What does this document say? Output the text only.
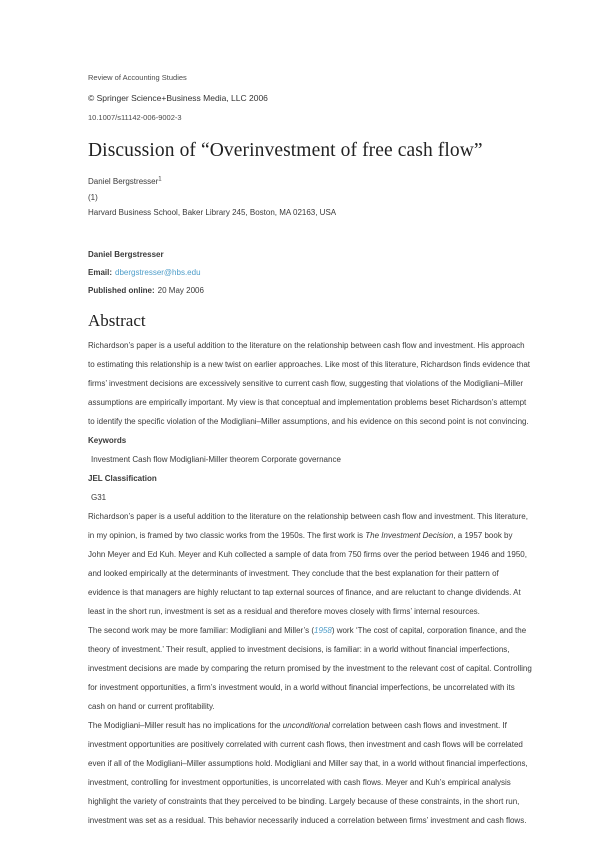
Review of Accounting Studies
© Springer Science+Business Media, LLC 2006
10.1007/s11142-006-9002-3
Discussion of “Overinvestment of free cash flow”
Daniel Bergstresser$^1$
(1)
Harvard Business School, Baker Library 245, Boston, MA 02163, USA
Daniel Bergstresser
Email: dbergstresser@hbs.edu
Published online: 20 May 2006
Abstract

Richardson’s paper is a useful addition to the literature on the relationship between cash flow and investment. His approach to estimating this relationship is a new twist on earlier approaches. Like most of this literature, Richardson finds evidence that firms’ investment decisions are excessively sensitive to current cash flow, suggesting that violations of the Modigliani–Miller assumptions are empirically important. My view is that conceptual and implementation problems beset Richardson’s attempt to identify the specific violation of the Modigliani–Miller assumptions, and his evidence on this second point is not convincing.

Keywords
Investment Cash flow Modigliani-Miller theorem Corporate governance
JEL Classification
G31

Richardson’s paper is a useful addition to the literature on the relationship between cash flow and investment. This literature, in my opinion, is framed by two classic works from the 1950s. The first work is The Investment Decision, a 1957 book by John Meyer and Ed Kuh. Meyer and Kuh collected a sample of data from 750 firms over the period between 1946 and 1950, and looked empirically at the determinants of investment. They conclude that the best explanation for their pattern of evidence is that managers are highly reluctant to tap external sources of finance, and are reluctant to change dividends. At least in the short run, investment is set as a residual and therefore moves closely with firms’ internal resources.

The second work may be more familiar: Modigliani and Miller’s (1958) work ‘The cost of capital, corporation finance, and the theory of investment.’ Their result, applied to investment decisions, is familiar: in a world without financial imperfections, investment decisions are made by comparing the return promised by the investment to the relevant cost of capital. Controlling for investment opportunities, a firm’s investment would, in a world without financial imperfections, be uncorrelated with its cash on hand or current profitability.

The Modigliani–Miller result has no implications for the unconditional correlation between cash flows and investment. If investment opportunities are positively correlated with current cash flows, then investment and cash flows will be correlated even if all of the Modigliani–Miller assumptions hold. Modigliani and Miller say that, in a world without financial imperfections, investment, controlling for investment opportunities, is uncorrelated with cash flows. Meyer and Kuh’s empirical analysis highlight the variety of constraints that they perceived to be binding. Largely because of these constraints, in the short run, investment was set as a residual. This behavior necessarily induced a correlation between firms’ investment and cash flows.
